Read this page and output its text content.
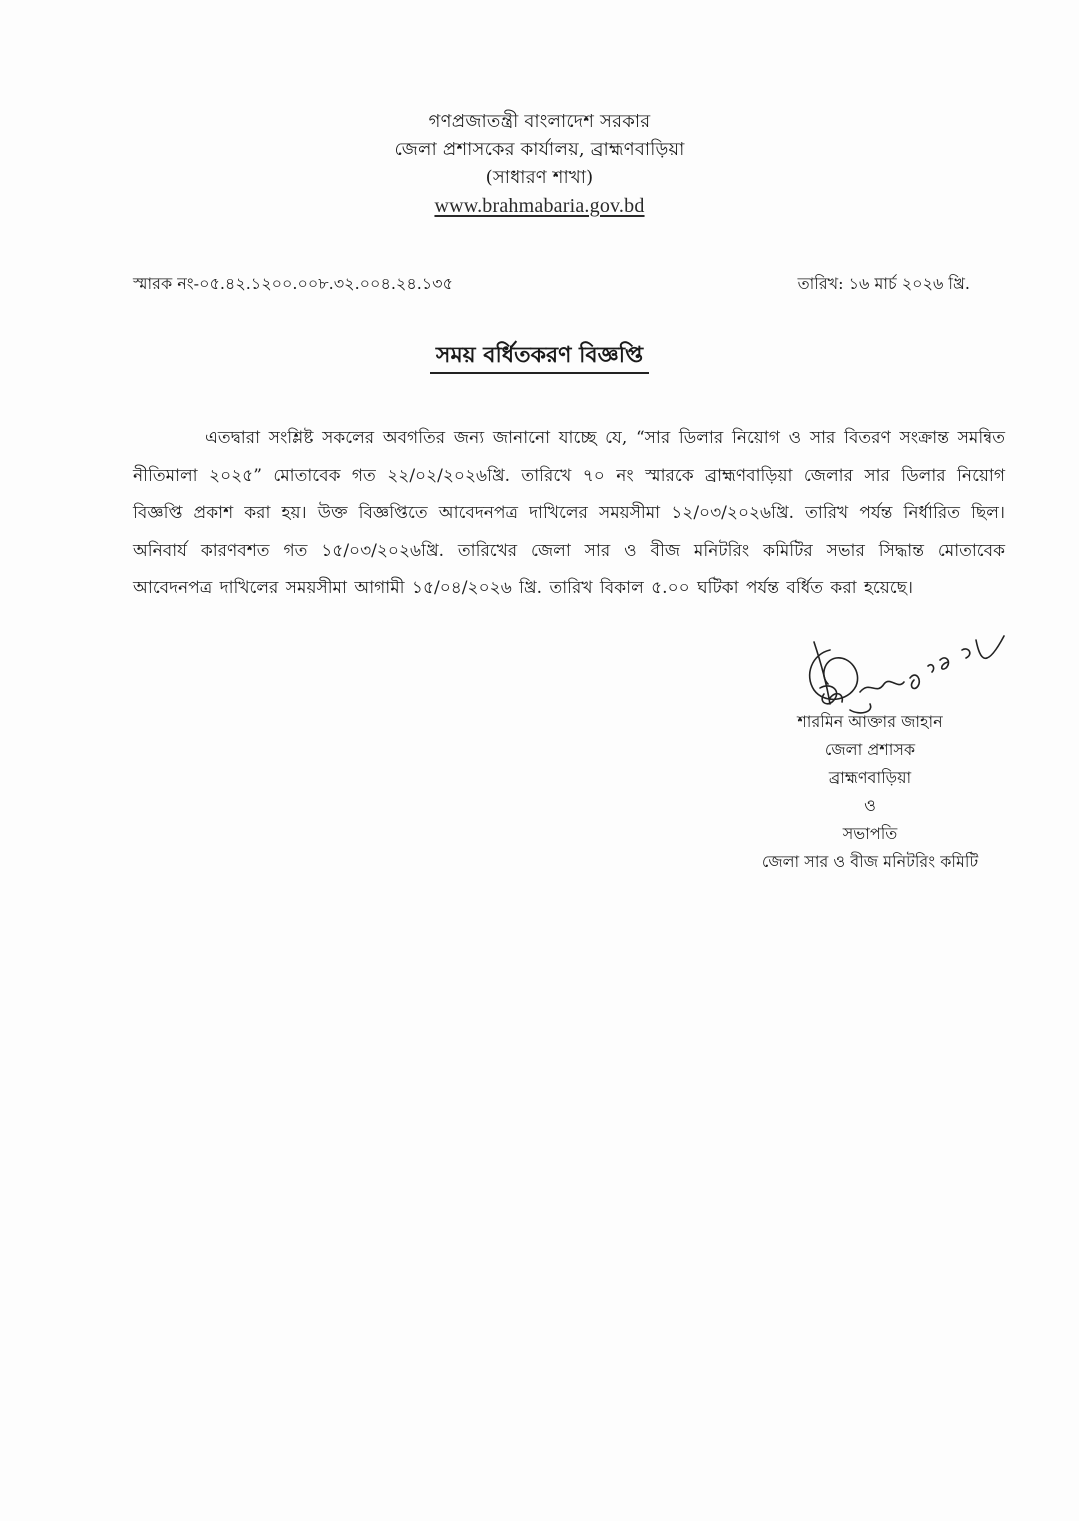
গণপ্রজাতন্ত্রী বাংলাদেশ সরকার
জেলা প্রশাসকের কার্যালয়, ব্রাহ্মণবাড়িয়া
(সাধারণ শাখা)
www.brahmabaria.gov.bd
স্মারক নং-০৫.৪২.১২০০.০০৮.৩২.০০৪.২৪.১৩৫	তারিখ: ১৬ মার্চ ২০২৬ খ্রি.
সময় বর্ধিতকরণ বিজ্ঞপ্তি
এতদ্বারা সংশ্লিষ্ট সকলের অবগতির জন্য জানানো যাচ্ছে যে, “সার ডিলার নিয়োগ ও সার বিতরণ সংক্রান্ত সমন্বিত নীতিমালা ২০২৫” মোতাবেক গত ২২/০২/২০২৬খ্রি. তারিখে ৭০ নং স্মারকে ব্রাহ্মণবাড়িয়া জেলার সার ডিলার নিয়োগ বিজ্ঞপ্তি প্রকাশ করা হয়। উক্ত বিজ্ঞপ্তিতে আবেদনপত্র দাখিলের সময়সীমা ১২/০৩/২০২৬খ্রি. তারিখ পর্যন্ত নির্ধারিত ছিল। অনিবার্য কারণবশত গত ১৫/০৩/২০২৬খ্রি. তারিখের জেলা সার ও বীজ মনিটরিং কমিটির সভার সিদ্ধান্ত মোতাবেক আবেদনপত্র দাখিলের সময়সীমা আগামী ১৫/০৪/২০২৬ খ্রি. তারিখ বিকাল ৫.০০ ঘটিকা পর্যন্ত বর্ধিত করা হয়েছে।
শারমিন আক্তার জাহান
জেলা প্রশাসক
ব্রাহ্মণবাড়িয়া
ও
সভাপতি
জেলা সার ও বীজ মনিটরিং কমিটি
